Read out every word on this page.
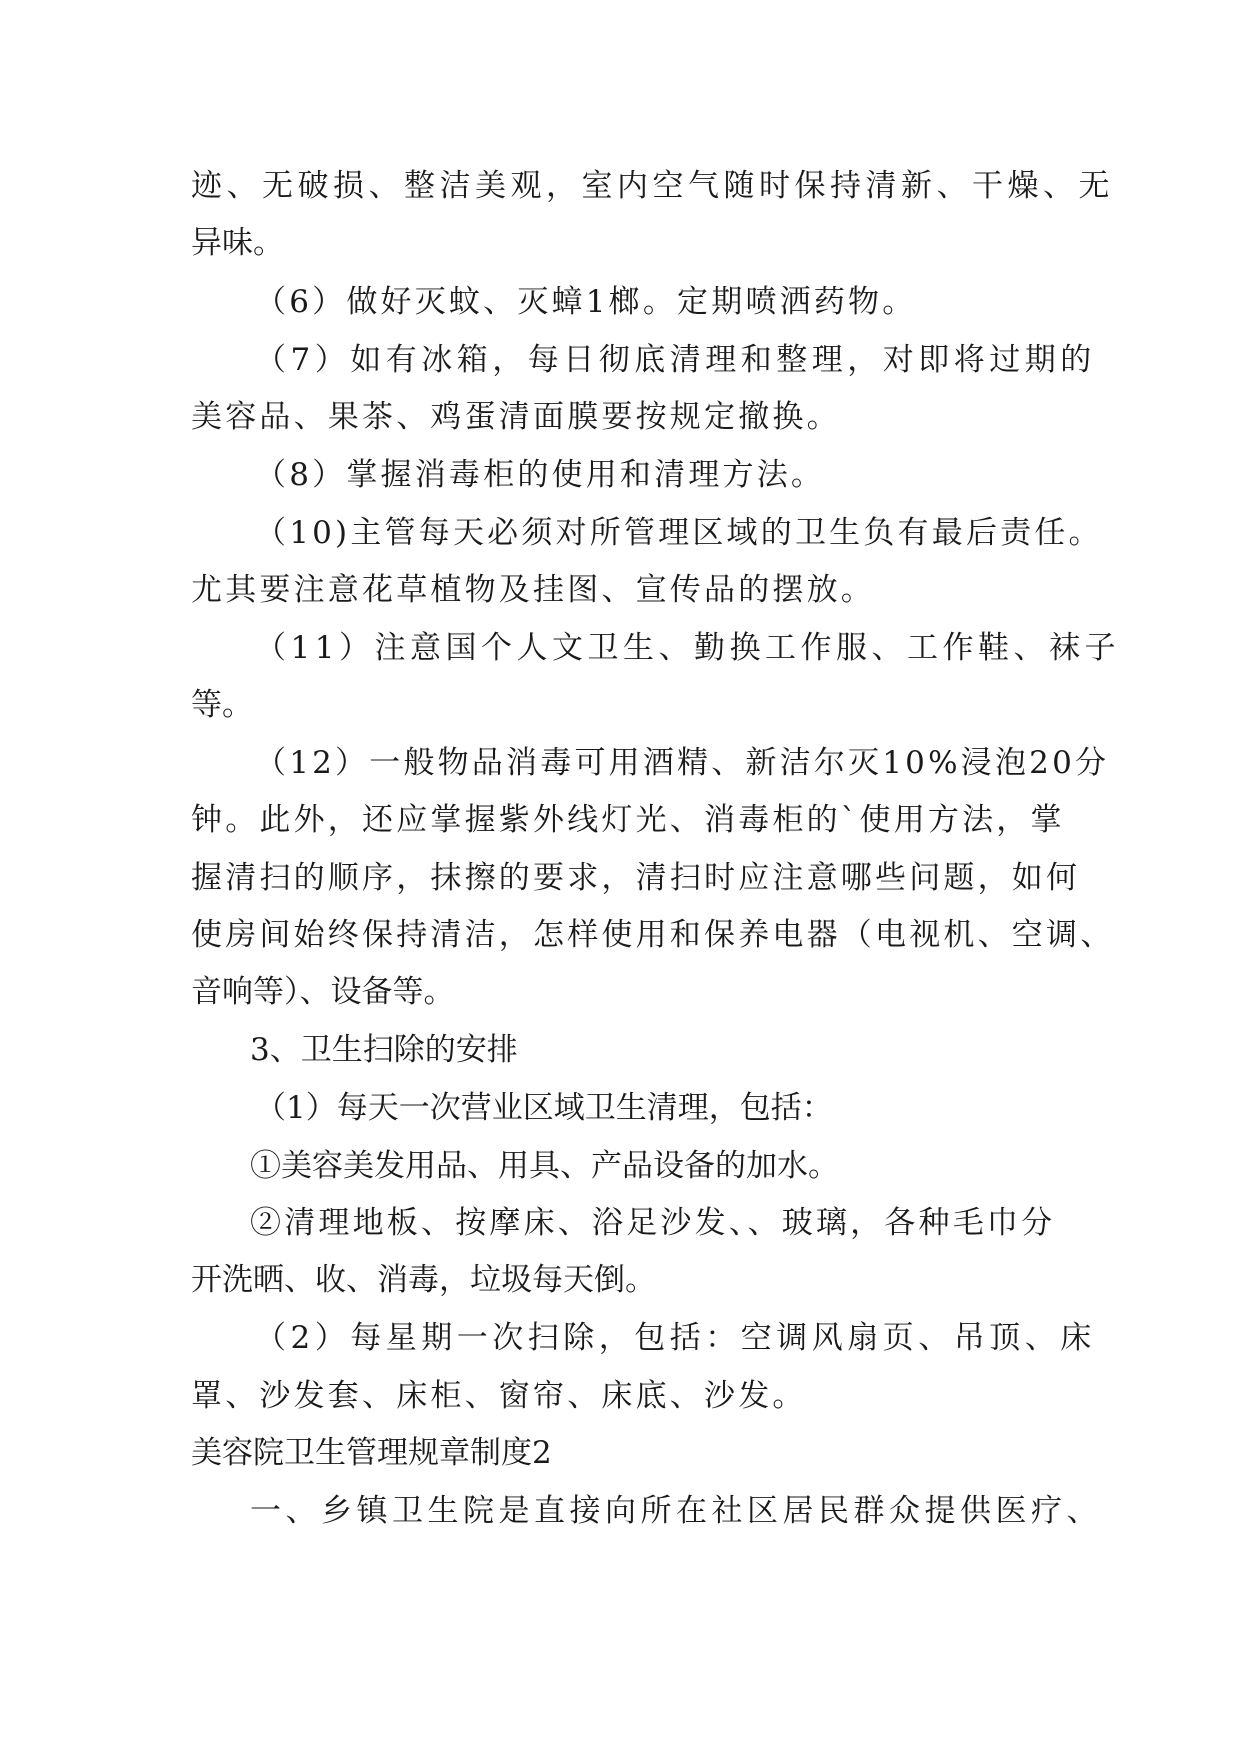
迹、无破损、整洁美观，室内空气随时保持清新、干燥、无

异味。

（6）做好灭蚊、灭蟑1榔。定期喷洒药物。

（7）如有冰箱，每日彻底清理和整理，对即将过期的

美容品、果茶、鸡蛋清面膜要按规定撤换。

（8）掌握消毒柜的使用和清理方法。

（10)主管每天必须对所管理区域的卫生负有最后责任。

尤其要注意花草植物及挂图、宣传品的摆放。

（11）注意国个人文卫生、勤换工作服、工作鞋、袜子

等。

（12）一般物品消毒可用酒精、新洁尔灭10%浸泡20分

钟。此外，还应掌握紫外线灯光、消毒柜的`使用方法，掌

握清扫的顺序，抹擦的要求，清扫时应注意哪些问题，如何

使房间始终保持清洁，怎样使用和保养电器（电视机、空调、

音响等）、设备等。

3、卫生扫除的安排

（1）每天一次营业区域卫生清理，包括：

①美容美发用品、用具、产品设备的加水。

②清理地板、按摩床、浴足沙发、、玻璃，各种毛巾分

开洗晒、收、消毒，垃圾每天倒。

（2）每星期一次扫除，包括：空调风扇页、吊顶、床

罩、沙发套、床柜、窗帘、床底、沙发。

美容院卫生管理规章制度2

一、乡镇卫生院是直接向所在社区居民群众提供医疗、
